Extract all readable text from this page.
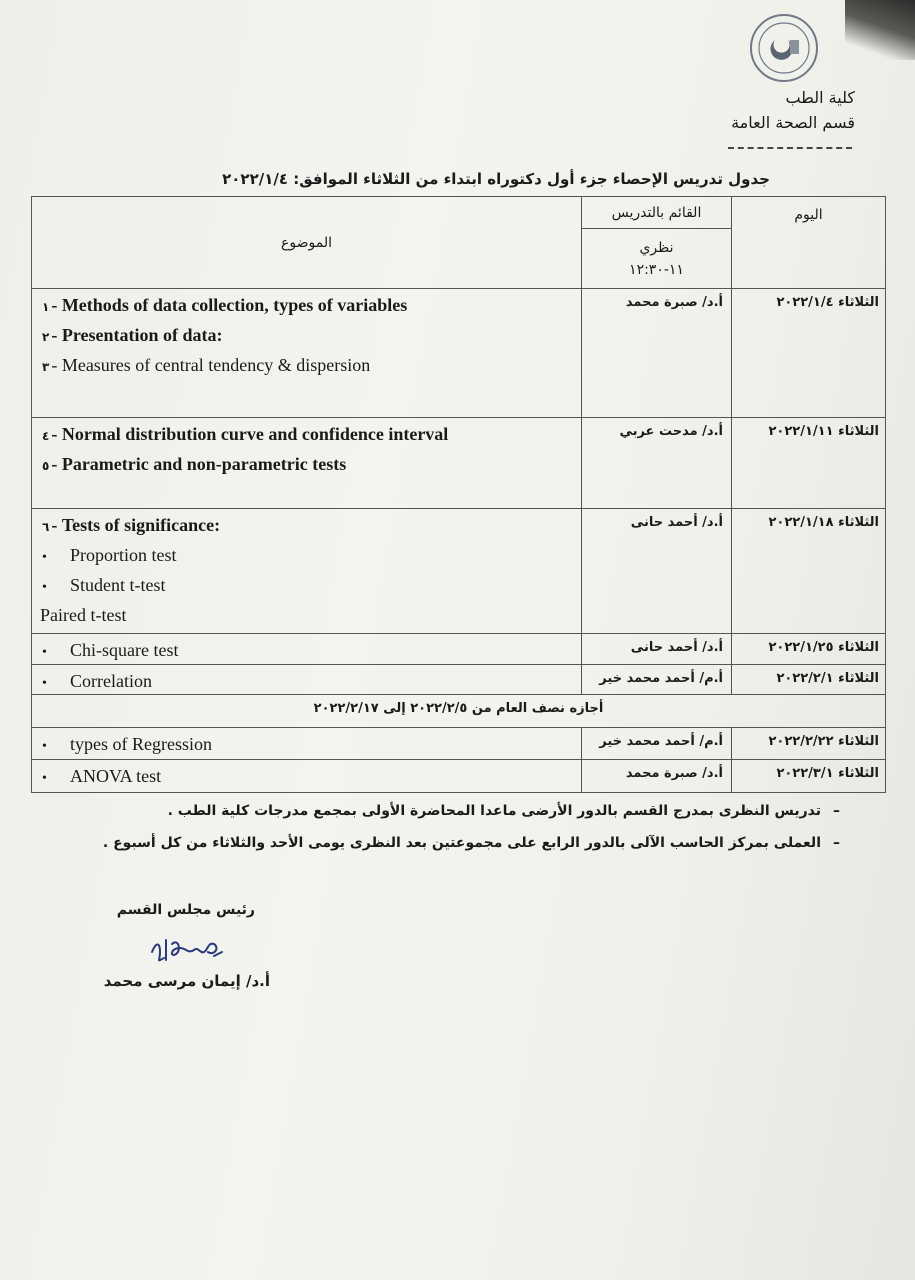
كلية الطب
قسم الصحة العامة
جدول تدريس الإحصاء جزء أول دكتوراه ابتداء من الثلاثاء الموافق: ٢٠٢٢/١/٤
الموضوع	القائم بالتدريس	اليوم

	نظري
١١-١٢:٣٠	

١ - Methods of data collection, types of variables
٢ - Presentation of data:
٣ - Measures of central tendency & dispersion	أ.د/ صبرة محمد	الثلاثاء ٢٠٢٢/١/٤

٤ - Normal distribution curve and confidence interval
٥ - Parametric and non-parametric tests	أ.د/ مدحت عربي	الثلاثاء ٢٠٢٢/١/١١

٦ - Tests of significance:
• Proportion test
• Student t-test
Paired t-test	أ.د/ أحمد حانى	الثلاثاء ٢٠٢٢/١/١٨

• Chi-square test	أ.د/ أحمد حانى	الثلاثاء ٢٠٢٢/١/٢٥

• Correlation	أ.م/ أحمد محمد خير	الثلاثاء ٢٠٢٢/٢/١
أجازه نصف العام من ٢٠٢٢/٢/٥ إلى ٢٠٢٢/٢/١٧		

• types of Regression	أ.م/ أحمد محمد خير	الثلاثاء ٢٠٢٢/٢/٢٢

• ANOVA test	أ.د/ صبرة محمد	الثلاثاء ٢٠٢٢/٣/١
–تدريس النظرى بمدرج القسم بالدور الأرضى ماعدا المحاضرة الأولى بمجمع مدرجات كلية الطب .
–العملى بمركز الحاسب الآلى بالدور الرابع على مجموعتين بعد النظرى يومى الأحد والثلاثاء من كل أسبوع .
رئيس مجلس القسم
أ.د/ إيمان مرسى محمد
